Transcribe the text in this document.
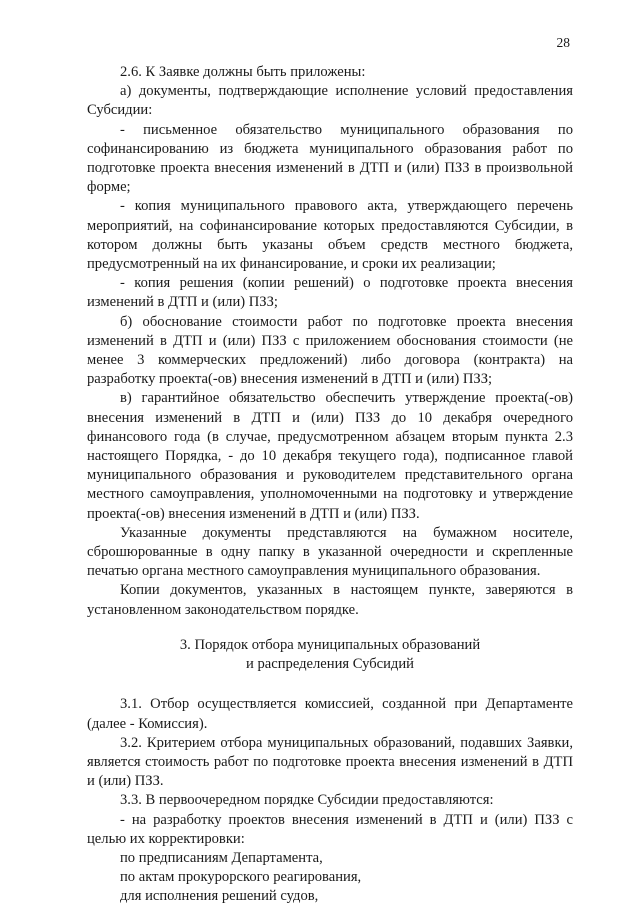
28

2.6. К Заявке должны быть приложены:

а) документы, подтверждающие исполнение условий предоставления Субсидии:

- письменное обязательство муниципального образования по софинансированию из бюджета муниципального образования работ по подготовке проекта внесения изменений в ДТП и (или) ПЗЗ в произвольной форме;

- копия муниципального правового акта, утверждающего перечень мероприятий, на софинансирование которых предоставляются Субсидии, в котором должны быть указаны объем средств местного бюджета, предусмотренный на их финансирование, и сроки их реализации;

- копия решения (копии решений) о подготовке проекта внесения изменений в ДТП и (или) ПЗЗ;

б) обоснование стоимости работ по подготовке проекта внесения изменений в ДТП и (или) ПЗЗ с приложением обоснования стоимости (не менее 3 коммерческих предложений) либо договора (контракта) на разработку проекта(-ов) внесения изменений в ДТП и (или) ПЗЗ;

в) гарантийное обязательство обеспечить утверждение проекта(-ов) внесения изменений в ДТП и (или) ПЗЗ до 10 декабря очередного финансового года (в случае, предусмотренном абзацем вторым пункта 2.3 настоящего Порядка, - до 10 декабря текущего года), подписанное главой муниципального образования и руководителем представительного органа местного самоуправления, уполномоченными на подготовку и утверждение проекта(-ов) внесения изменений в ДТП и (или) ПЗЗ.

Указанные документы представляются на бумажном носителе, сброшюрованные в одну папку в указанной очередности и скрепленные печатью органа местного самоуправления муниципального образования.

Копии документов, указанных в настоящем пункте, заверяются в установленном законодательством порядке.

3. Порядок отбора муниципальных образований
и распределения Субсидий

3.1. Отбор осуществляется комиссией, созданной при Департаменте (далее - Комиссия).

3.2. Критерием отбора муниципальных образований, подавших Заявки, является стоимость работ по подготовке проекта внесения изменений в ДТП и (или) ПЗЗ.

3.3. В первоочередном порядке Субсидии предоставляются:

- на разработку проектов внесения изменений в ДТП и (или) ПЗЗ с целью их корректировки:

по предписаниям Департамента,

по актам прокурорского реагирования,

для исполнения решений судов,
